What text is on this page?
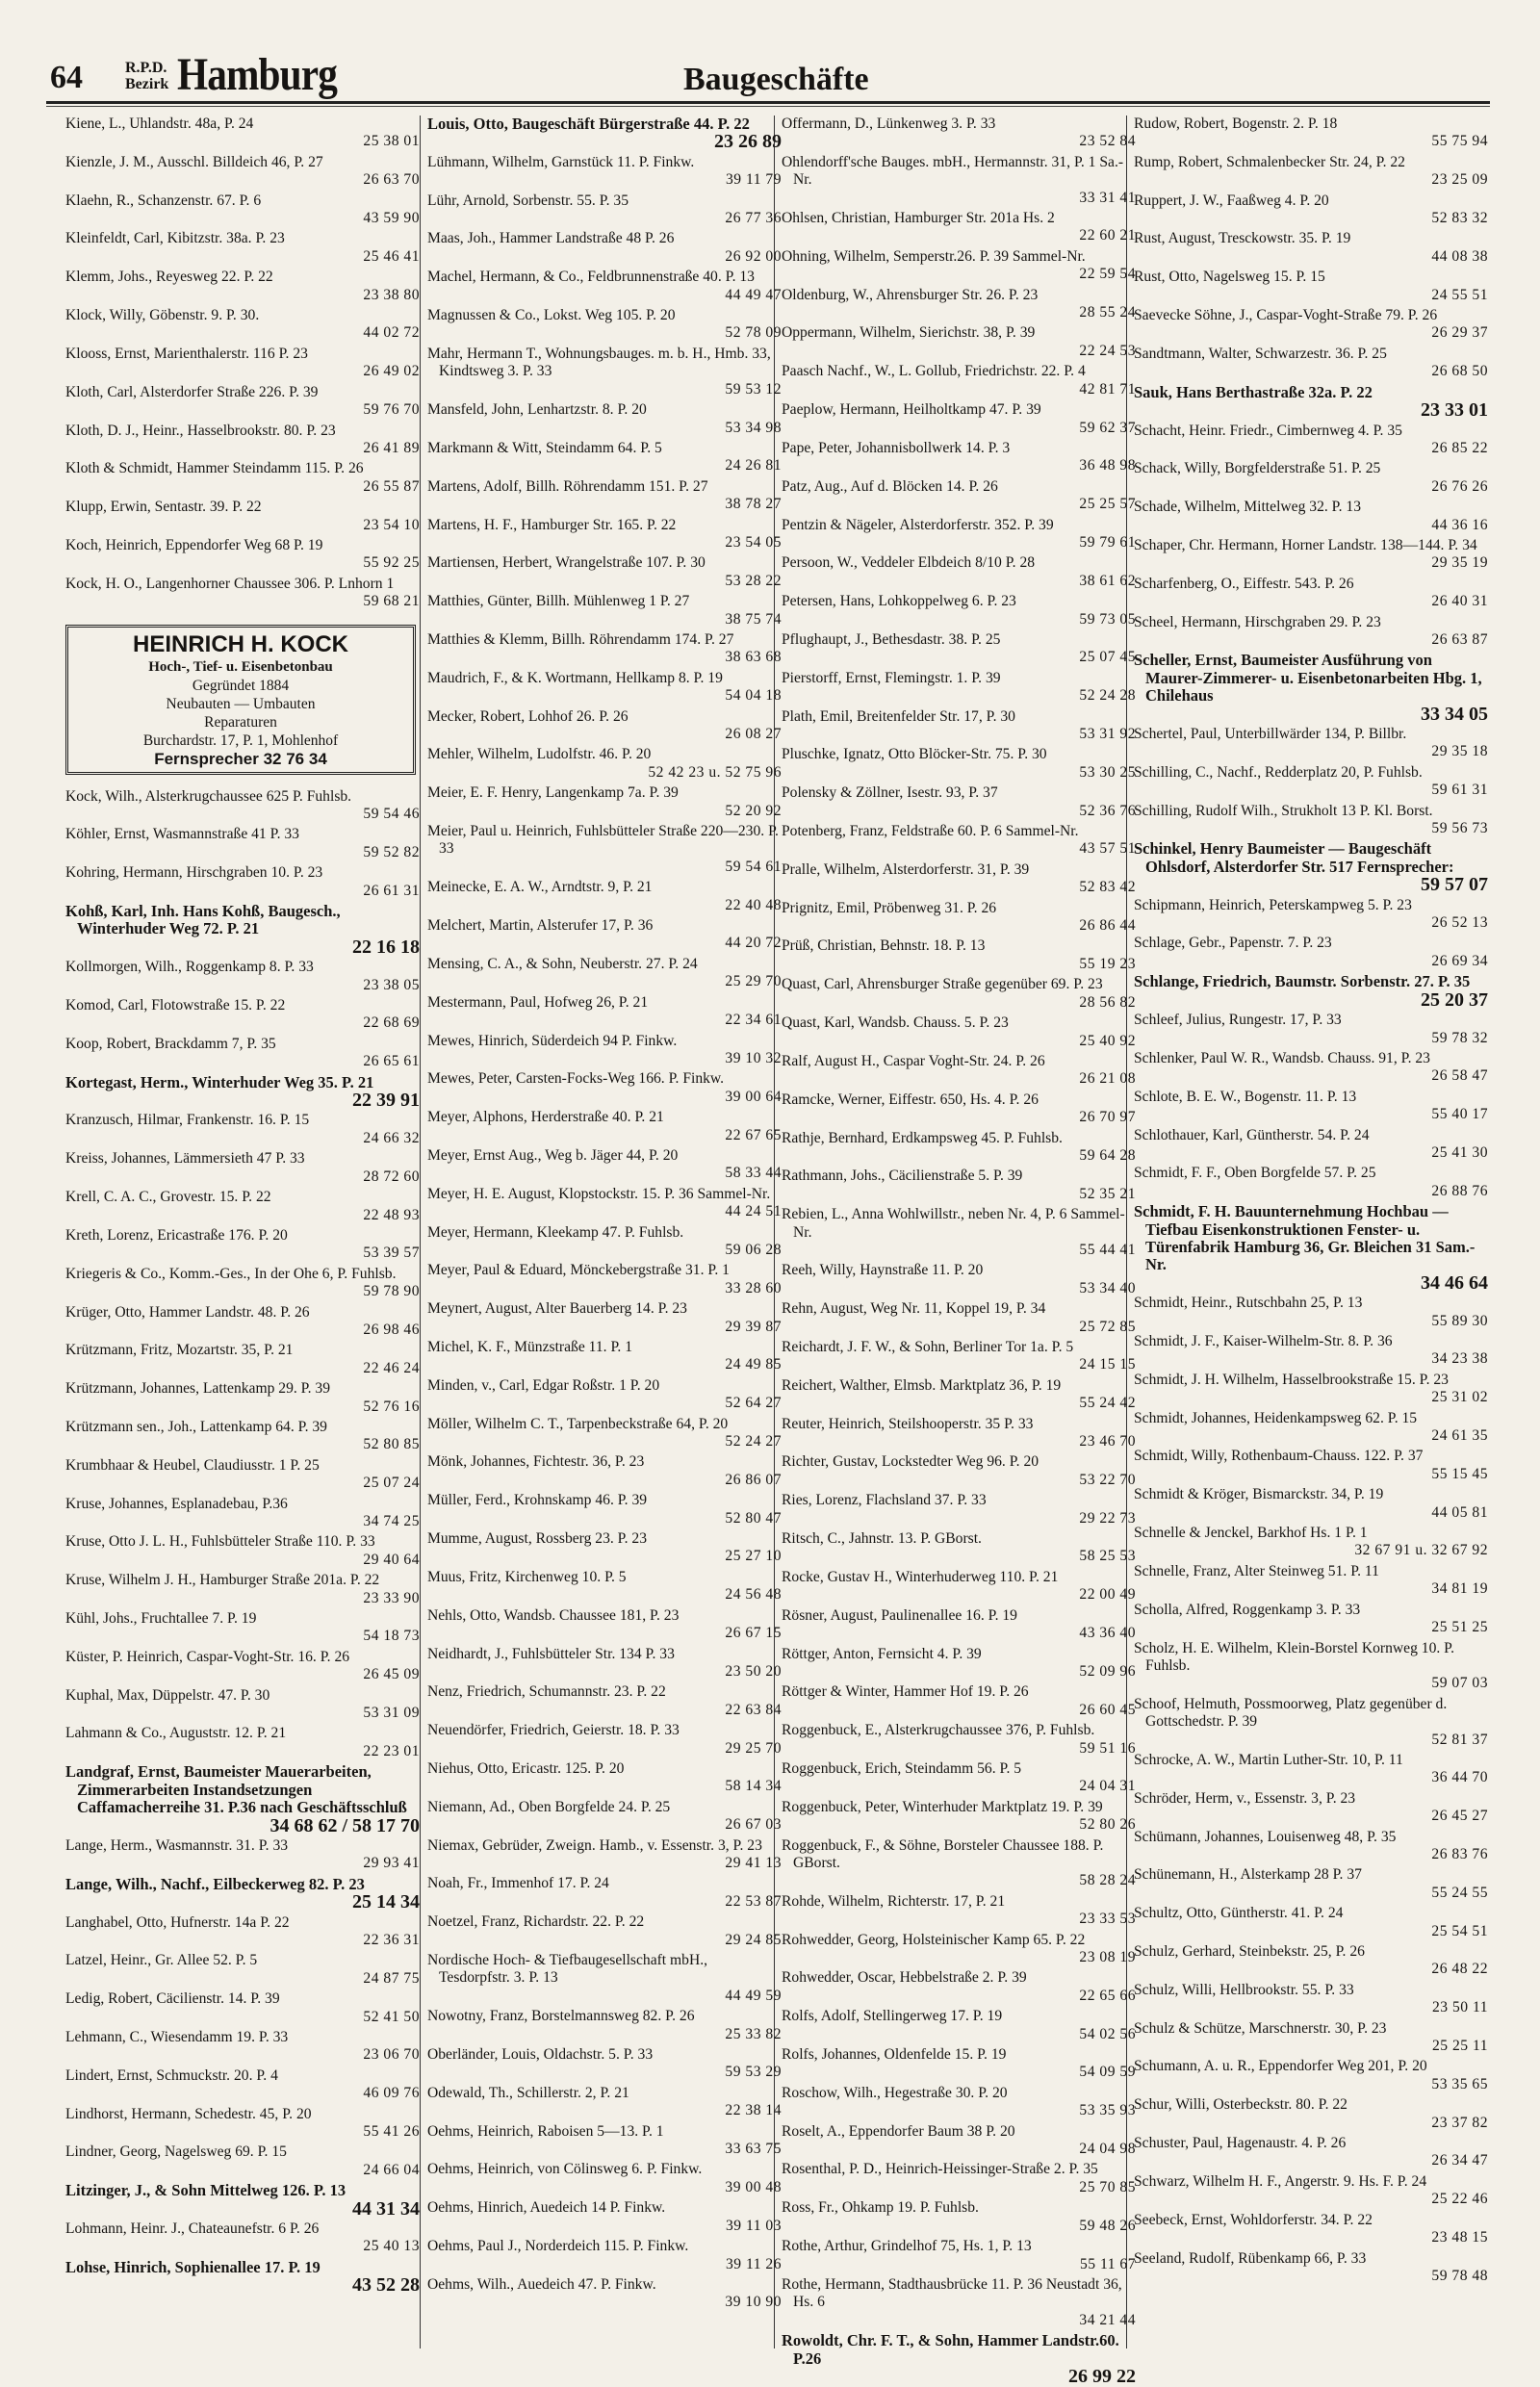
64	R.P.D.
Bezirk Hamburg	Baugeschäfte
Kiene, L., Uhlandstr. 48a, P. 24
25 38 01
Kienzle, J. M., Ausschl. Billdeich 46, P. 27
26 63 70
Klaehn, R., Schanzenstr. 67. P. 6
43 59 90
Kleinfeldt, Carl, Kibitzstr. 38a. P. 23
25 46 41
Klemm, Johs., Reyesweg 22. P. 22
23 38 80
Klock, Willy, Göbenstr. 9. P. 30.
44 02 72
Klooss, Ernst, Marienthalerstr. 116 P. 23
26 49 02
Kloth, Carl, Alsterdorfer Straße 226. P. 39
59 76 70
Kloth, D. J., Heinr., Hasselbrookstr. 80. P. 23
26 41 89
Kloth & Schmidt, Hammer Steindamm 115. P. 26
26 55 87
Klupp, Erwin, Sentastr. 39. P. 22
23 54 10
Koch, Heinrich, Eppendorfer Weg 68 P. 19
55 92 25
Kock, H. O., Langenhorner Chaussee 306. P. Lnhorn 1
59 68 21
HEINRICH H. KOCK
Hoch-, Tief- u. Eisenbetonbau
Gegründet 1884
Neubauten — Umbauten
Reparaturen
Burchardstr. 17, P. 1, Mohlenhof
Fernsprecher 32 76 34
Kock, Wilh., Alsterkrugchaussee 625 P. Fuhlsb.
59 54 46
Köhler, Ernst, Wasmannstraße 41 P. 33
59 52 82
Kohring, Hermann, Hirschgraben 10. P. 23
26 61 31
Kohß, Karl, Inh. Hans Kohß, Baugesch., Winterhuder Weg 72. P. 21
22 16 18
Kollmorgen, Wilh., Roggenkamp 8. P. 33
23 38 05
Komod, Carl, Flotowstraße 15. P. 22
22 68 69
Koop, Robert, Brackdamm 7, P. 35
26 65 61
Kortegast, Herm., Winterhuder Weg 35. P. 21
22 39 91
Kranzusch, Hilmar, Frankenstr. 16. P. 15
24 66 32
Kreiss, Johannes, Lämmersieth 47 P. 33
28 72 60
Krell, C. A. C., Grovestr. 15. P. 22
22 48 93
Kreth, Lorenz, Ericastraße 176. P. 20
53 39 57
Kriegeris & Co., Komm.-Ges., In der Ohe 6, P. Fuhlsb.
59 78 90
Krüger, Otto, Hammer Landstr. 48. P. 26
26 98 46
Krützmann, Fritz, Mozartstr. 35, P. 21
22 46 24
Krützmann, Johannes, Lattenkamp 29. P. 39
52 76 16
Krützmann sen., Joh., Lattenkamp 64. P. 39
52 80 85
Krumbhaar & Heubel, Claudiusstr. 1 P. 25
25 07 24
Kruse, Johannes, Esplanadebau, P.36
34 74 25
Kruse, Otto J. L. H., Fuhlsbütteler Straße 110. P. 33
29 40 64
Kruse, Wilhelm J. H., Hamburger Straße 201a. P. 22
23 33 90
Kühl, Johs., Fruchtallee 7. P. 19
54 18 73
Küster, P. Heinrich, Caspar-Voght-Str. 16. P. 26
26 45 09
Kuphal, Max, Düppelstr. 47. P. 30
53 31 09
Lahmann & Co., Auguststr. 12. P. 21
22 23 01
Landgraf, Ernst, Baumeister Mauerarbeiten, Zimmerarbeiten Instandsetzungen Caffamacherreihe 31. P.36 nach Geschäftsschluß
34 68 62 / 58 17 70
Lange, Herm., Wasmannstr. 31. P. 33
29 93 41
Lange, Wilh., Nachf., Eilbeckerweg 82. P. 23
25 14 34
Langhabel, Otto, Hufnerstr. 14a P. 22
22 36 31
Latzel, Heinr., Gr. Allee 52. P. 5
24 87 75
Ledig, Robert, Cäcilienstr. 14. P. 39
52 41 50
Lehmann, C., Wiesendamm 19. P. 33
23 06 70
Lindert, Ernst, Schmuckstr. 20. P. 4
46 09 76
Lindhorst, Hermann, Schedestr. 45, P. 20
55 41 26
Lindner, Georg, Nagelsweg 69. P. 15
24 66 04
Litzinger, J., & Sohn Mittelweg 126. P. 13
44 31 34
Lohmann, Heinr. J., Chateaunefstr. 6 P. 26
25 40 13
Lohse, Hinrich, Sophienallee 17. P. 19
43 52 28
Louis, Otto, Baugeschäft Bürgerstraße 44. P. 22
23 26 89
Lühmann, Wilhelm, Garnstück 11. P. Finkw.
39 11 79
Lühr, Arnold, Sorbenstr. 55. P. 35
26 77 36
Maas, Joh., Hammer Landstraße 48 P. 26
26 92 00
Machel, Hermann, & Co., Feldbrunnenstraße 40. P. 13
44 49 47
Magnussen & Co., Lokst. Weg 105. P. 20
52 78 09
Mahr, Hermann T., Wohnungsbauges. m. b. H., Hmb. 33, Kindtsweg 3. P. 33
59 53 12
Mansfeld, John, Lenhartzstr. 8. P. 20
53 34 98
Markmann & Witt, Steindamm 64. P. 5
24 26 81
Martens, Adolf, Billh. Röhrendamm 151. P. 27
38 78 27
Martens, H. F., Hamburger Str. 165. P. 22
23 54 05
Martiensen, Herbert, Wrangelstraße 107. P. 30
53 28 22
Matthies, Günter, Billh. Mühlenweg 1 P. 27
38 75 74
Matthies & Klemm, Billh. Röhrendamm 174. P. 27
38 63 68
Maudrich, F., & K. Wortmann, Hellkamp 8. P. 19
54 04 18
Mecker, Robert, Lohhof 26. P. 26
26 08 27
Mehler, Wilhelm, Ludolfstr. 46. P. 20
52 42 23 u. 52 75 96
Meier, E. F. Henry, Langenkamp 7a. P. 39
52 20 92
Meier, Paul u. Heinrich, Fuhlsbütteler Straße 220—230. P. 33
59 54 61
Meinecke, E. A. W., Arndtstr. 9, P. 21
22 40 48
Melchert, Martin, Alsterufer 17, P. 36
44 20 72
Mensing, C. A., & Sohn, Neuberstr. 27. P. 24
25 29 70
Mestermann, Paul, Hofweg 26, P. 21
22 34 61
Mewes, Hinrich, Süderdeich 94 P. Finkw.
39 10 32
Mewes, Peter, Carsten-Focks-Weg 166. P. Finkw.
39 00 64
Meyer, Alphons, Herderstraße 40. P. 21
22 67 65
Meyer, Ernst Aug., Weg b. Jäger 44, P. 20
58 33 44
Meyer, H. E. August, Klopstockstr. 15. P. 36 Sammel-Nr.
44 24 51
Meyer, Hermann, Kleekamp 47. P. Fuhlsb.
59 06 28
Meyer, Paul & Eduard, Mönckebergstraße 31. P. 1
33 28 60
Meynert, August, Alter Bauerberg 14. P. 23
29 39 87
Michel, K. F., Münzstraße 11. P. 1
24 49 85
Minden, v., Carl, Edgar Roßstr. 1 P. 20
52 64 27
Möller, Wilhelm C. T., Tarpenbeckstraße 64, P. 20
52 24 27
Mönk, Johannes, Fichtestr. 36, P. 23
26 86 07
Müller, Ferd., Krohnskamp 46. P. 39
52 80 47
Mumme, August, Rossberg 23. P. 23
25 27 10
Muus, Fritz, Kirchenweg 10. P. 5
24 56 48
Nehls, Otto, Wandsb. Chaussee 181, P. 23
26 67 15
Neidhardt, J., Fuhlsbütteler Str. 134 P. 33
23 50 20
Nenz, Friedrich, Schumannstr. 23. P. 22
22 63 84
Neuendörfer, Friedrich, Geierstr. 18. P. 33
29 25 70
Niehus, Otto, Ericastr. 125. P. 20
58 14 34
Niemann, Ad., Oben Borgfelde 24. P. 25
26 67 03
Niemax, Gebrüder, Zweign. Hamb., v. Essenstr. 3, P. 23
29 41 13
Noah, Fr., Immenhof 17. P. 24
22 53 87
Noetzel, Franz, Richardstr. 22. P. 22
29 24 85
Nordische Hoch- & Tiefbaugesellschaft mbH., Tesdorpfstr. 3. P. 13
44 49 59
Nowotny, Franz, Borstelmannsweg 82. P. 26
25 33 82
Oberländer, Louis, Oldachstr. 5. P. 33
59 53 29
Odewald, Th., Schillerstr. 2, P. 21
22 38 14
Oehms, Heinrich, Raboisen 5—13. P. 1
33 63 75
Oehms, Heinrich, von Cölinsweg 6. P. Finkw.
39 00 48
Oehms, Hinrich, Auedeich 14 P. Finkw.
39 11 03
Oehms, Paul J., Norderdeich 115. P. Finkw.
39 11 26
Oehms, Wilh., Auedeich 47. P. Finkw.
39 10 90
Offermann, D., Lünkenweg 3. P. 33
23 52 84
Ohlendorff'sche Bauges. mbH., Hermannstr. 31, P. 1 Sa.-Nr.
33 31 41
Ohlsen, Christian, Hamburger Str. 201a Hs. 2
22 60 21
Ohning, Wilhelm, Semperstr.26. P. 39 Sammel-Nr.
22 59 54
Oldenburg, W., Ahrensburger Str. 26. P. 23
28 55 24
Oppermann, Wilhelm, Sierichstr. 38, P. 39
22 24 53
Paasch Nachf., W., L. Gollub, Friedrichstr. 22. P. 4
42 81 71
Paeplow, Hermann, Heilholtkamp 47. P. 39
59 62 37
Pape, Peter, Johannisbollwerk 14. P. 3
36 48 98
Patz, Aug., Auf d. Blöcken 14. P. 26
25 25 57
Pentzin & Nägeler, Alsterdorferstr. 352. P. 39
59 79 61
Persoon, W., Veddeler Elbdeich 8/10 P. 28
38 61 62
Petersen, Hans, Lohkoppelweg 6. P. 23
59 73 05
Pflughaupt, J., Bethesdastr. 38. P. 25
25 07 45
Pierstorff, Ernst, Flemingstr. 1. P. 39
52 24 28
Plath, Emil, Breitenfelder Str. 17, P. 30
53 31 92
Pluschke, Ignatz, Otto Blöcker-Str. 75. P. 30
53 30 25
Polensky & Zöllner, Isestr. 93, P. 37
52 36 76
Potenberg, Franz, Feldstraße 60. P. 6 Sammel-Nr.
43 57 51
Pralle, Wilhelm, Alsterdorferstr. 31, P. 39
52 83 42
Prignitz, Emil, Pröbenweg 31. P. 26
26 86 44
Prüß, Christian, Behnstr. 18. P. 13
55 19 23
Quast, Carl, Ahrensburger Straße gegenüber 69. P. 23
28 56 82
Quast, Karl, Wandsb. Chauss. 5. P. 23
25 40 92
Ralf, August H., Caspar Voght-Str. 24. P. 26
26 21 08
Ramcke, Werner, Eiffestr. 650, Hs. 4. P. 26
26 70 97
Rathje, Bernhard, Erdkampsweg 45. P. Fuhlsb.
59 64 28
Rathmann, Johs., Cäcilienstraße 5. P. 39
52 35 21
Rebien, L., Anna Wohlwillstr., neben Nr. 4, P. 6 Sammel-Nr.
55 44 41
Reeh, Willy, Haynstraße 11. P. 20
53 34 40
Rehn, August, Weg Nr. 11, Koppel 19, P. 34
25 72 85
Reichardt, J. F. W., & Sohn, Berliner Tor 1a. P. 5
24 15 15
Reichert, Walther, Elmsb. Marktplatz 36, P. 19
55 24 42
Reuter, Heinrich, Steilshooperstr. 35 P. 33
23 46 70
Richter, Gustav, Lockstedter Weg 96. P. 20
53 22 70
Ries, Lorenz, Flachsland 37. P. 33
29 22 73
Ritsch, C., Jahnstr. 13. P. GBorst.
58 25 53
Rocke, Gustav H., Winterhuderweg 110. P. 21
22 00 49
Rösner, August, Paulinenallee 16. P. 19
43 36 40
Röttger, Anton, Fernsicht 4. P. 39
52 09 96
Röttger & Winter, Hammer Hof 19. P. 26
26 60 45
Roggenbuck, E., Alsterkrugchaussee 376, P. Fuhlsb.
59 51 16
Roggenbuck, Erich, Steindamm 56. P. 5
24 04 31
Roggenbuck, Peter, Winterhuder Marktplatz 19. P. 39
52 80 26
Roggenbuck, F., & Söhne, Borsteler Chaussee 188. P. GBorst.
58 28 24
Rohde, Wilhelm, Richterstr. 17, P. 21
23 33 53
Rohwedder, Georg, Holsteinischer Kamp 65. P. 22
23 08 19
Rohwedder, Oscar, Hebbelstraße 2. P. 39
22 65 66
Rolfs, Adolf, Stellingerweg 17. P. 19
54 02 56
Rolfs, Johannes, Oldenfelde 15. P. 19
54 09 59
Roschow, Wilh., Hegestraße 30. P. 20
53 35 93
Roselt, A., Eppendorfer Baum 38 P. 20
24 04 98
Rosenthal, P. D., Heinrich-Heissinger-Straße 2. P. 35
25 70 85
Ross, Fr., Ohkamp 19. P. Fuhlsb.
59 48 26
Rothe, Arthur, Grindelhof 75, Hs. 1, P. 13
55 11 67
Rothe, Hermann, Stadthausbrücke 11. P. 36 Neustadt 36, Hs. 6
34 21 44
Rowoldt, Chr. F. T., & Sohn, Hammer Landstr.60. P.26
26 99 22
Rudow, Robert, Bogenstr. 2. P. 18
55 75 94
Rump, Robert, Schmalenbecker Str. 24, P. 22
23 25 09
Ruppert, J. W., Faaßweg 4. P. 20
52 83 32
Rust, August, Tresckowstr. 35. P. 19
44 08 38
Rust, Otto, Nagelsweg 15. P. 15
24 55 51
Saevecke Söhne, J., Caspar-Voght-Straße 79. P. 26
26 29 37
Sandtmann, Walter, Schwarzestr. 36. P. 25
26 68 50
Sauk, Hans Berthastraße 32a. P. 22
23 33 01
Schacht, Heinr. Friedr., Cimbernweg 4. P. 35
26 85 22
Schack, Willy, Borgfelderstraße 51. P. 25
26 76 26
Schade, Wilhelm, Mittelweg 32. P. 13
44 36 16
Schaper, Chr. Hermann, Horner Landstr. 138—144. P. 34
29 35 19
Scharfenberg, O., Eiffestr. 543. P. 26
26 40 31
Scheel, Hermann, Hirschgraben 29. P. 23
26 63 87
Scheller, Ernst, Baumeister Ausführung von Maurer-Zimmerer- u. Eisenbetonarbeiten Hbg. 1, Chilehaus
33 34 05
Schertel, Paul, Unterbillwärder 134, P. Billbr.
29 35 18
Schilling, C., Nachf., Redderplatz 20, P. Fuhlsb.
59 61 31
Schilling, Rudolf Wilh., Strukholt 13 P. Kl. Borst.
59 56 73
Schinkel, Henry Baumeister — Baugeschäft Ohlsdorf, Alsterdorfer Str. 517 Fernsprecher:
59 57 07
Schipmann, Heinrich, Peterskampweg 5. P. 23
26 52 13
Schlage, Gebr., Papenstr. 7. P. 23
26 69 34
Schlange, Friedrich, Baumstr. Sorbenstr. 27. P. 35
25 20 37
Schleef, Julius, Rungestr. 17, P. 33
59 78 32
Schlenker, Paul W. R., Wandsb. Chauss. 91, P. 23
26 58 47
Schlote, B. E. W., Bogenstr. 11. P. 13
55 40 17
Schlothauer, Karl, Güntherstr. 54. P. 24
25 41 30
Schmidt, F. F., Oben Borgfelde 57. P. 25
26 88 76
Schmidt, F. H. Bauunternehmung Hochbau — Tiefbau Eisenkonstruktionen Fenster- u. Türenfabrik Hamburg 36, Gr. Bleichen 31 Sam.-Nr.
34 46 64
Schmidt, Heinr., Rutschbahn 25, P. 13
55 89 30
Schmidt, J. F., Kaiser-Wilhelm-Str. 8. P. 36
34 23 38
Schmidt, J. H. Wilhelm, Hasselbrookstraße 15. P. 23
25 31 02
Schmidt, Johannes, Heidenkampsweg 62. P. 15
24 61 35
Schmidt, Willy, Rothenbaum-Chauss. 122. P. 37
55 15 45
Schmidt & Kröger, Bismarckstr. 34, P. 19
44 05 81
Schnelle & Jenckel, Barkhof Hs. 1 P. 1
32 67 91 u. 32 67 92
Schnelle, Franz, Alter Steinweg 51. P. 11
34 81 19
Scholla, Alfred, Roggenkamp 3. P. 33
25 51 25
Scholz, H. E. Wilhelm, Klein-Borstel Kornweg 10. P. Fuhlsb.
59 07 03
Schoof, Helmuth, Possmoorweg, Platz gegenüber d. Gottschedstr. P. 39
52 81 37
Schrocke, A. W., Martin Luther-Str. 10, P. 11
36 44 70
Schröder, Herm, v., Essenstr. 3, P. 23
26 45 27
Schümann, Johannes, Louisenweg 48, P. 35
26 83 76
Schünemann, H., Alsterkamp 28 P. 37
55 24 55
Schultz, Otto, Güntherstr. 41. P. 24
25 54 51
Schulz, Gerhard, Steinbekstr. 25, P. 26
26 48 22
Schulz, Willi, Hellbrookstr. 55. P. 33
23 50 11
Schulz & Schütze, Marschnerstr. 30, P. 23
25 25 11
Schumann, A. u. R., Eppendorfer Weg 201, P. 20
53 35 65
Schur, Willi, Osterbeckstr. 80. P. 22
23 37 82
Schuster, Paul, Hagenaustr. 4. P. 26
26 34 47
Schwarz, Wilhelm H. F., Angerstr. 9. Hs. F. P. 24
25 22 46
Seebeck, Ernst, Wohldorferstr. 34. P. 22
23 48 15
Seeland, Rudolf, Rübenkamp 66, P. 33
59 78 48
